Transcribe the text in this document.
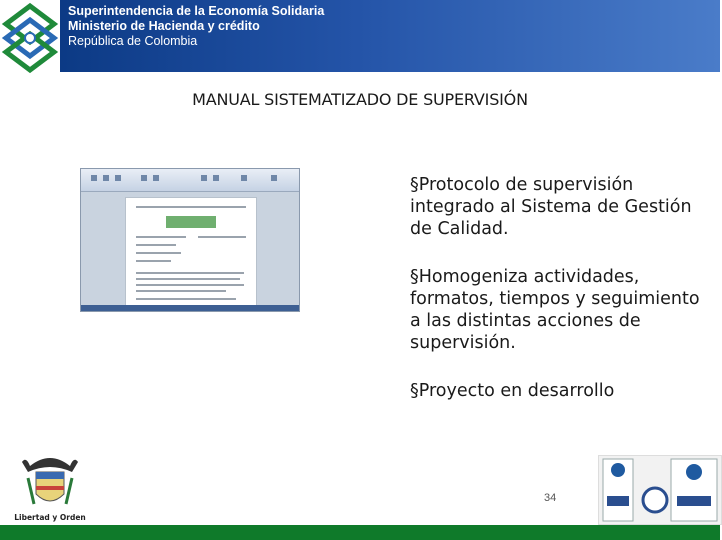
Superintendencia de la Economía Solidaria
Ministerio de Hacienda y crédito
República de Colombia
MANUAL SISTEMATIZADO DE SUPERVISIÓN

§Protocolo de supervisión integrado al Sistema de Gestión de Calidad.

§Homogeniza actividades, formatos, tiempos y seguimiento a las distintas acciones de supervisión.

§Proyecto en desarrollo

Libertad y Orden
34
